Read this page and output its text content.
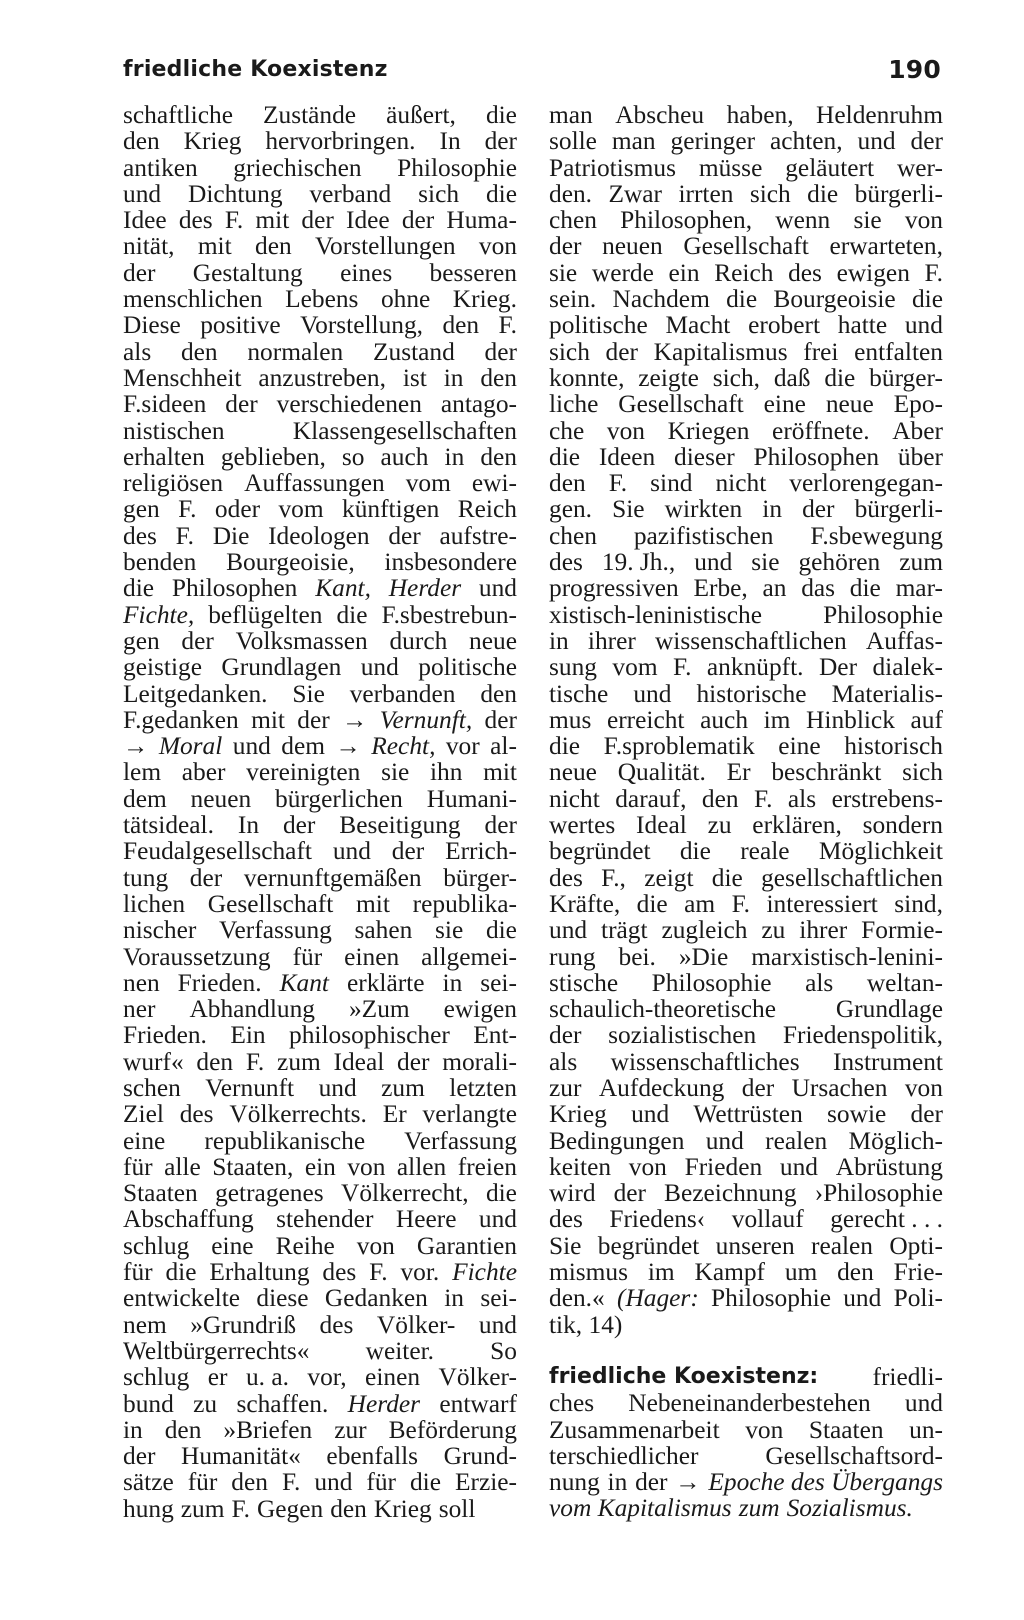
friedliche Koexistenz	190
schaftliche Zustände äußert, die
den Krieg hervorbringen. In der
antiken griechischen Philosophie
und Dichtung verband sich die
Idee des F. mit der Idee der Huma-
nität, mit den Vorstellungen von
der Gestaltung eines besseren
menschlichen Lebens ohne Krieg.
Diese positive Vorstellung, den F.
als den normalen Zustand der
Menschheit anzustreben, ist in den
F.sideen der verschiedenen antago-
nistischen	Klassengesellschaften
erhalten geblieben, so auch in den
religiösen Auffassungen vom ewi-
gen F. oder vom künftigen Reich
des F. Die Ideologen der aufstre-
benden Bourgeoisie, insbesondere
die Philosophen Kant, Herder und
Fichte, beflügelten die F.sbestrebun-
gen der Volksmassen durch neue
geistige Grundlagen und politische
Leitgedanken. Sie verbanden den
F.gedanken mit der → Vernunft, der
→ Moral und dem → Recht, vor al-
lem aber vereinigten sie ihn mit
dem neuen bürgerlichen Humani-
tätsideal. In der Beseitigung der
Feudalgesellschaft und der Errich-
tung der vernunftgemäßen bürger-
lichen Gesellschaft mit republika-
nischer Verfassung sahen sie die
Voraussetzung für einen allgemei-
nen Frieden. Kant erklärte in sei-
ner Abhandlung »Zum ewigen
Frieden. Ein philosophischer Ent-
wurf« den F. zum Ideal der morali-
schen Vernunft und zum letzten
Ziel des Völkerrechts. Er verlangte
eine republikanische Verfassung
für alle Staaten, ein von allen freien
Staaten getragenes Völkerrecht, die
Abschaffung stehender Heere und
schlug eine Reihe von Garantien
für die Erhaltung des F. vor. Fichte
entwickelte diese Gedanken in sei-
nem »Grundriß des Völker- und
Weltbürgerrechts« weiter. So
schlug er u. a. vor, einen Völker-
bund zu schaffen. Herder entwarf
in den »Briefen zur Beförderung
der Humanität« ebenfalls Grund-
sätze für den F. und für die Erzie-
hung zum F. Gegen den Krieg soll
man Abscheu haben, Heldenruhm
solle man geringer achten, und der
Patriotismus müsse geläutert wer-
den. Zwar irrten sich die bürgerli-
chen Philosophen, wenn sie von
der neuen Gesellschaft erwarteten,
sie werde ein Reich des ewigen F.
sein. Nachdem die Bourgeoisie die
politische Macht erobert hatte und
sich der Kapitalismus frei entfalten
konnte, zeigte sich, daß die bürger-
liche Gesellschaft eine neue Epo-
che von Kriegen eröffnete. Aber
die Ideen dieser Philosophen über
den F. sind nicht verlorengegan-
gen. Sie wirkten in der bürgerli-
chen pazifistischen F.sbewegung
des 19. Jh., und sie gehören zum
progressiven Erbe, an das die mar-
xistisch-leninistische Philosophie
in ihrer wissenschaftlichen Auffas-
sung vom F. anknüpft. Der dialek-
tische und historische Materialis-
mus erreicht auch im Hinblick auf
die F.sproblematik eine historisch
neue Qualität. Er beschränkt sich
nicht darauf, den F. als erstrebens-
wertes Ideal zu erklären, sondern
begründet die reale Möglichkeit
des F., zeigt die gesellschaftlichen
Kräfte, die am F. interessiert sind,
und trägt zugleich zu ihrer Formie-
rung bei. »Die marxistisch-lenini-
stische Philosophie als weltan-
schaulich-theoretische Grundlage
der sozialistischen Friedenspolitik,
als wissenschaftliches Instrument
zur Aufdeckung der Ursachen von
Krieg und Wettrüsten sowie der
Bedingungen und realen Möglich-
keiten von Frieden und Abrüstung
wird der Bezeichnung ›Philosophie
des Friedens‹ vollauf gerecht . . .
Sie begründet unseren realen Opti-
mismus im Kampf um den Frie-
den.« (Hager: Philosophie und Poli-
tik, 14)
friedliche Koexistenz: friedli-
ches Nebeneinanderbestehen und
Zusammenarbeit von Staaten un-
terschiedlicher	Gesellschaftsord-
nung in der → Epoche des Übergangs
vom Kapitalismus zum Sozialismus.
